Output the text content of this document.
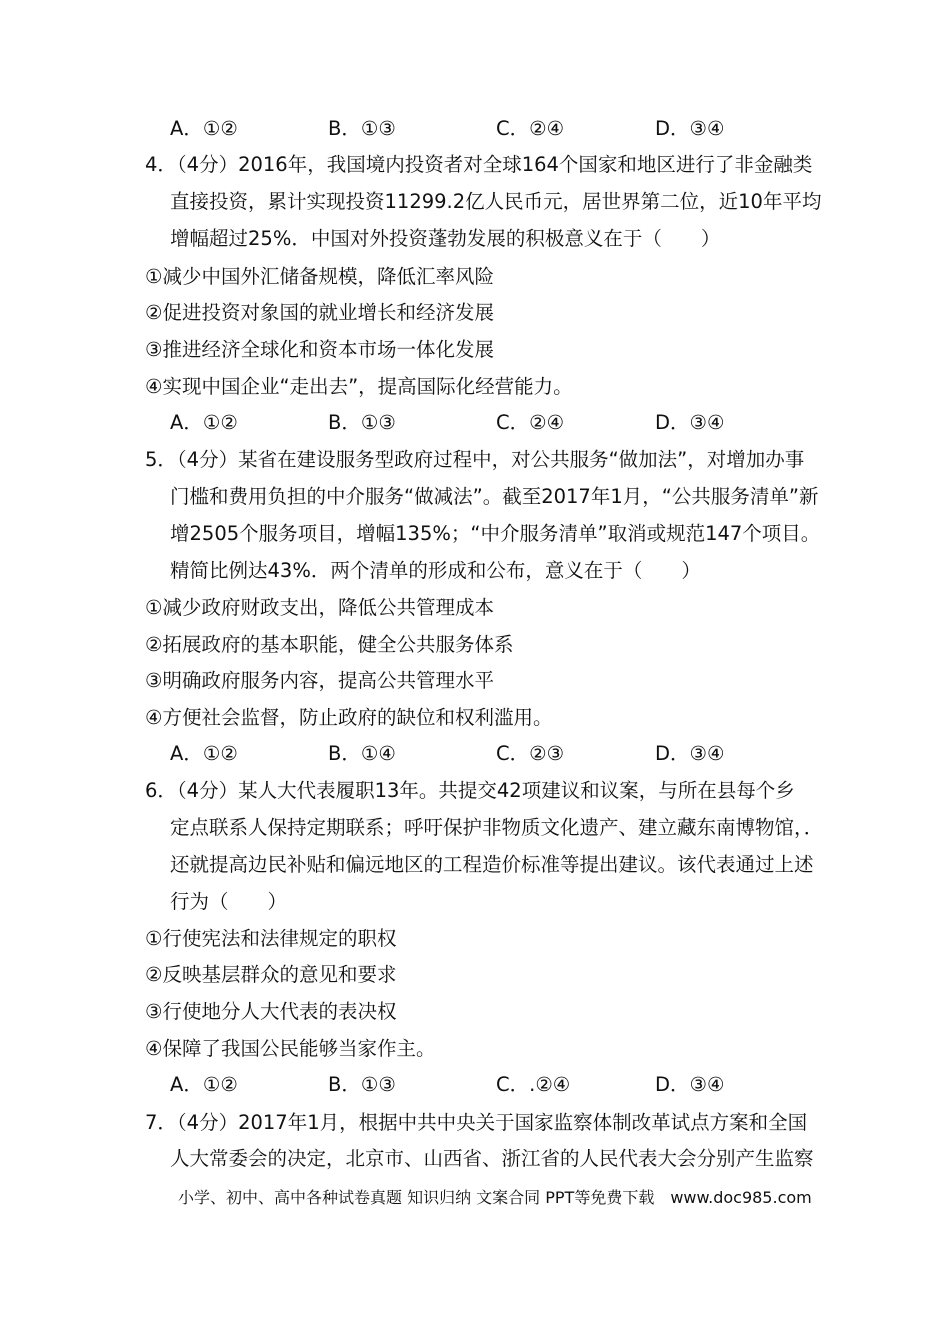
A．①②	B．①③	C．②④	D．③④
4．（4分）2016年，我国境内投资者对全球164个国家和地区进行了非金融类
直接投资，累计实现投资11299.2亿人民币元，居世界第二位，近10年平均
增幅超过25%．中国对外投资蓬勃发展的积极意义在于（　　）
①减少中国外汇储备规模，降低汇率风险
②促进投资对象国的就业增长和经济发展
③推进经济全球化和资本市场一体化发展
④实现中国企业“走出去”，提高国际化经营能力。
A．①②	B．①③	C．②④	D．③④
5．（4分）某省在建设服务型政府过程中，对公共服务“做加法”，对增加办事
门槛和费用负担的中介服务“做减法”。截至2017年1月，“公共服务清单”新
增2505个服务项目，增幅135%；“中介服务清单”取消或规范147个项目。
精简比例达43%．两个清单的形成和公布，意义在于（　　）
①减少政府财政支出，降低公共管理成本
②拓展政府的基本职能，健全公共服务体系
③明确政府服务内容，提高公共管理水平
④方便社会监督，防止政府的缺位和权利滥用。
A．①②	B．①④	C．②③	D．③④
6．（4分）某人大代表履职13年。共提交42项建议和议案，与所在县每个乡
定点联系人保持定期联系；呼吁保护非物质文化遗产、建立藏东南博物馆，．
还就提高边民补贴和偏远地区的工程造价标准等提出建议。该代表通过上述
行为（　　）
①行使宪法和法律规定的职权
②反映基层群众的意见和要求
③行使地分人大代表的表决权
④保障了我国公民能够当家作主。
A．①②	B．①③	C．.②④	D．③④
7．（4分）2017年1月，根据中共中央关于国家监察体制改革试点方案和全国
人大常委会的决定，北京市、山西省、浙江省的人民代表大会分别产生监察
小学、初中、高中各种试卷真题 知识归纳 文案合同 PPT等免费下载　www.doc985.com
